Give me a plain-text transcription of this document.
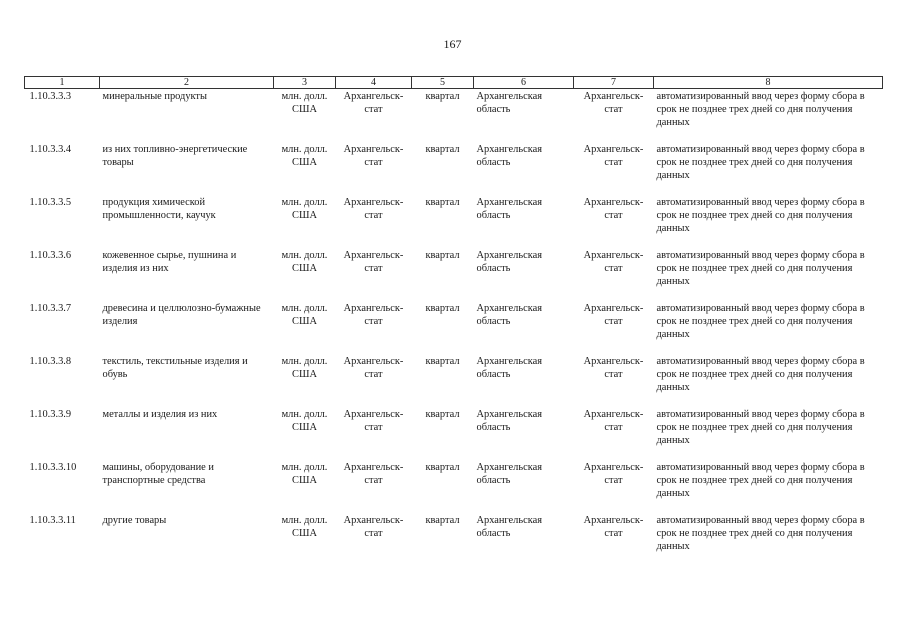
167
1	2	3	4	5	6	7	8
1.10.3.3.3	минеральные продукты	млн. долл. США	Архангельск-стат	квартал	Архангельская область	Архангельск-стат	автоматизированный ввод через форму сбора в срок не позднее трех дней со дня получения данных
1.10.3.3.4	из них топливно-энергетические товары	млн. долл. США	Архангельск-стат	квартал	Архангельская область	Архангельск-стат	автоматизированный ввод через форму сбора в срок не позднее трех дней со дня получения данных
1.10.3.3.5	продукция химической промышленности, каучук	млн. долл. США	Архангельск-стат	квартал	Архангельская область	Архангельск-стат	автоматизированный ввод через форму сбора в срок не позднее трех дней со дня получения данных
1.10.3.3.6	кожевенное сырье, пушнина и изделия из них	млн. долл. США	Архангельск-стат	квартал	Архангельская область	Архангельск-стат	автоматизированный ввод через форму сбора в срок не позднее трех дней со дня получения данных
1.10.3.3.7	древесина и целлюлозно-бумажные изделия	млн. долл. США	Архангельск-стат	квартал	Архангельская область	Архангельск-стат	автоматизированный ввод через форму сбора в срок не позднее трех дней со дня получения данных
1.10.3.3.8	текстиль, текстильные изделия и обувь	млн. долл. США	Архангельск-стат	квартал	Архангельская область	Архангельск-стат	автоматизированный ввод через форму сбора в срок не позднее трех дней со дня получения данных
1.10.3.3.9	металлы и изделия из них	млн. долл. США	Архангельск-стат	квартал	Архангельская область	Архангельск-стат	автоматизированный ввод через форму сбора в срок не позднее трех дней со дня получения данных
1.10.3.3.10	машины, оборудование и транспортные средства	млн. долл. США	Архангельск-стат	квартал	Архангельская область	Архангельск-стат	автоматизированный ввод через форму сбора в срок не позднее трех дней со дня получения данных
1.10.3.3.11	другие товары	млн. долл. США	Архангельск-стат	квартал	Архангельская область	Архангельск-стат	автоматизированный ввод через форму сбора в срок не позднее трех дней со дня получения данных
